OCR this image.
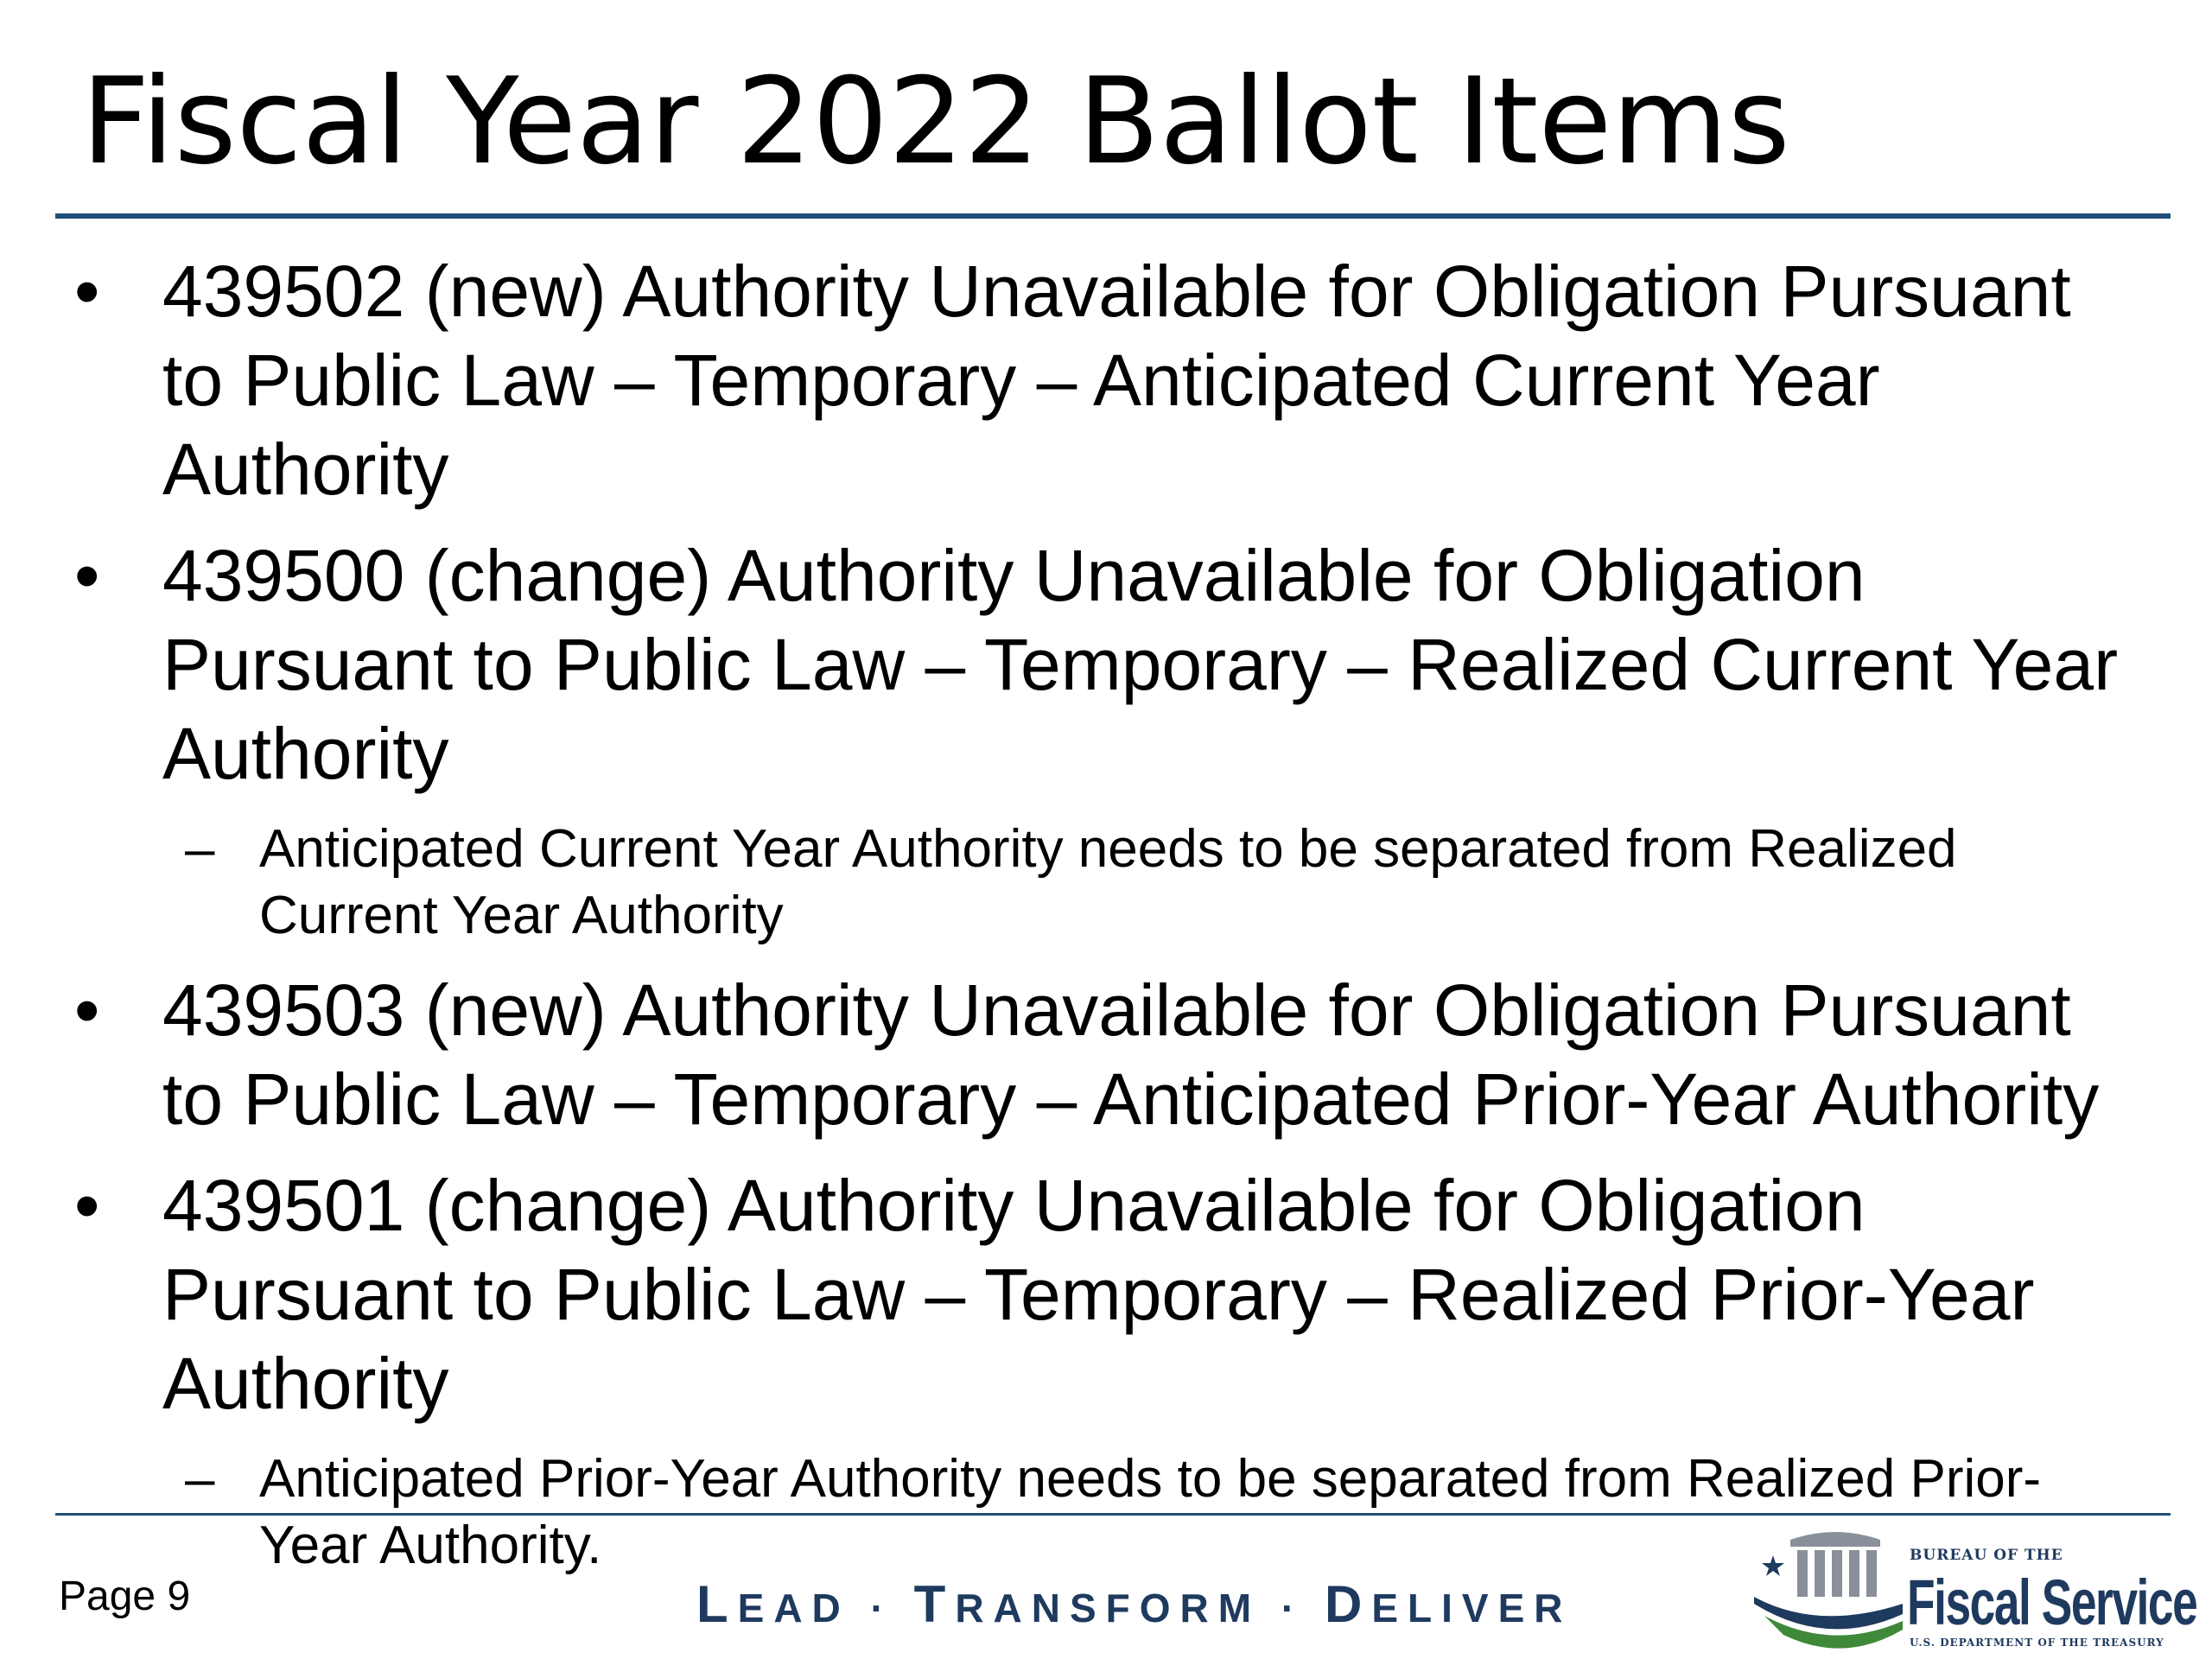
Fiscal Year 2022 Ballot Items
• 439502 (new) Authority Unavailable for Obligation Pursuant to Public Law – Temporary – Anticipated Current Year Authority
• 439500 (change) Authority Unavailable for Obligation Pursuant to Public Law – Temporary – Realized Current Year Authority
– Anticipated Current Year Authority needs to be separated from Realized Current Year Authority
• 439503 (new) Authority Unavailable for Obligation Pursuant to Public Law – Temporary – Anticipated Prior-Year Authority
• 439501 (change) Authority Unavailable for Obligation Pursuant to Public Law – Temporary – Realized Prior-Year Authority
– Anticipated Prior-Year Authority needs to be separated from Realized Prior-Year Authority.
Page 9	LEAD · TRANSFORM · DELIVER
BUREAU OF THE
Fiscal Service
U.S. DEPARTMENT OF THE TREASURY
